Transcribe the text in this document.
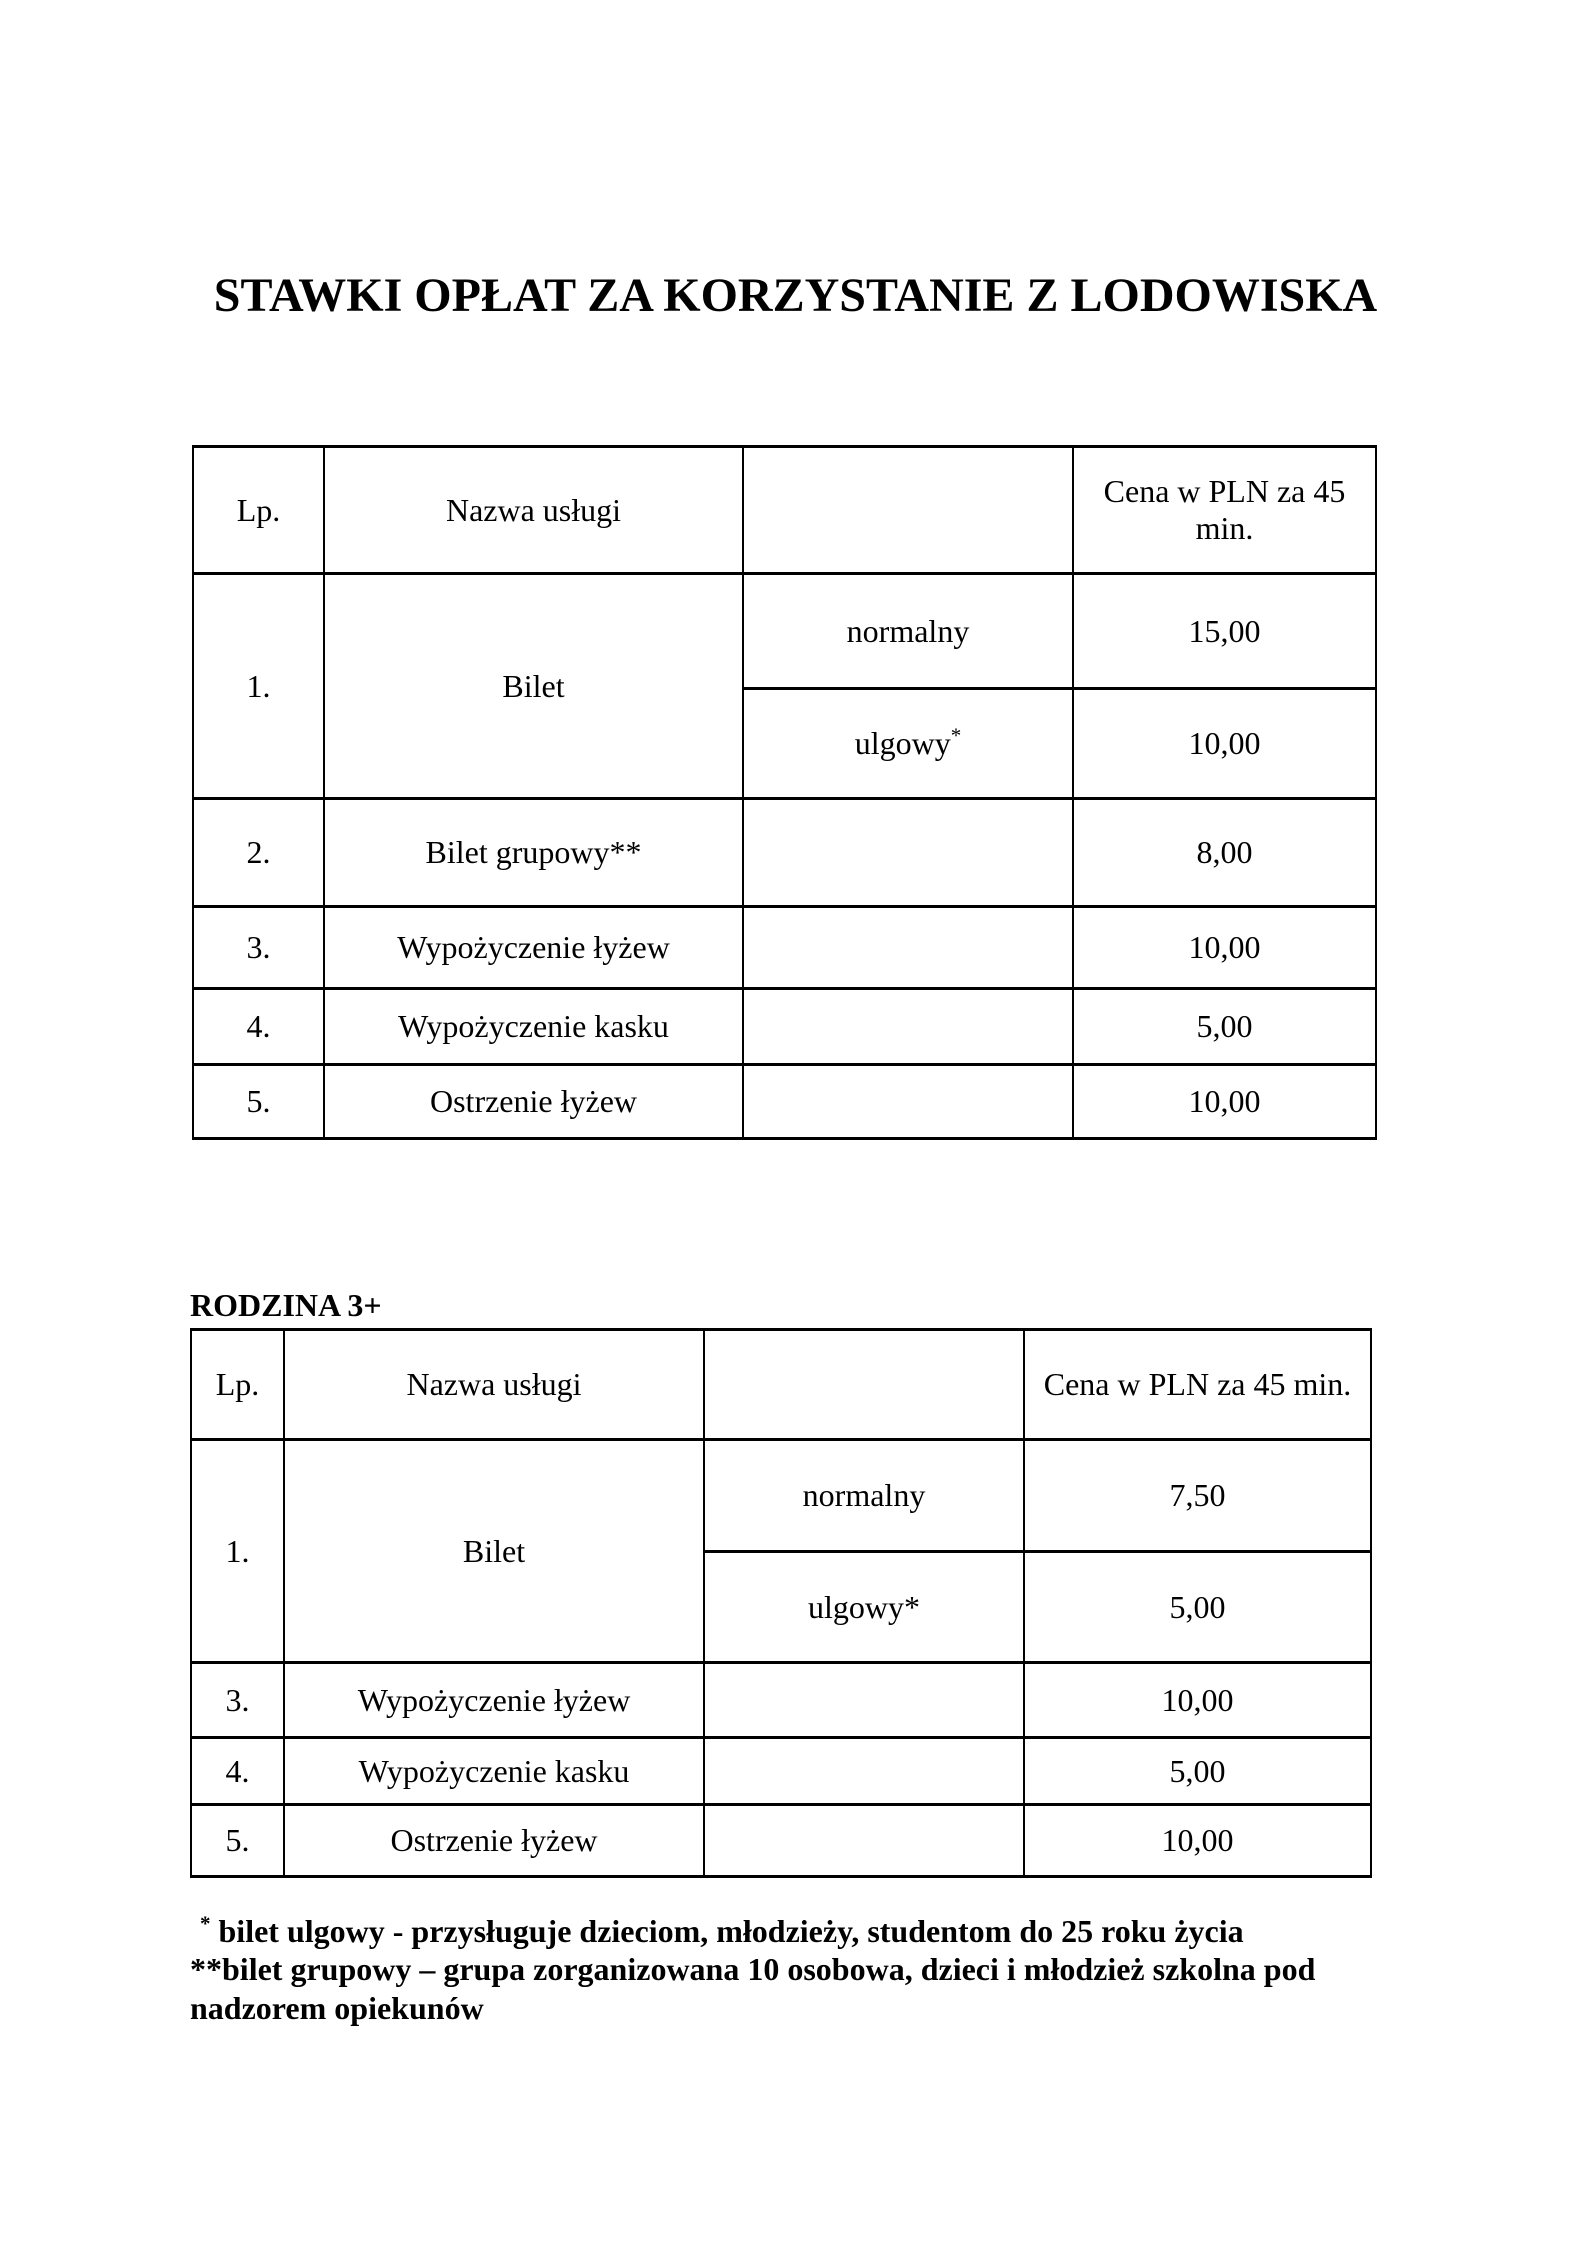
STAWKI OPŁAT ZA KORZYSTANIE Z LODOWISKA
Lp.	Nazwa usługi		Cena w PLN za 45 min.
1.	Bilet	normalny	15,00
		ulgowy*	10,00
2.	Bilet grupowy**		8,00
3.	Wypożyczenie łyżew		10,00
4.	Wypożyczenie kasku		5,00
5.	Ostrzenie łyżew		10,00
RODZINA 3+
Lp.	Nazwa usługi		Cena w PLN za 45 min.
1.	Bilet	normalny	7,50
		ulgowy*	5,00
3.	Wypożyczenie łyżew		10,00
4.	Wypożyczenie kasku		5,00
5.	Ostrzenie łyżew		10,00

* bilet ulgowy - przysługuje dzieciom, młodzieży, studentom do 25 roku życia

**bilet grupowy – grupa zorganizowana 10 osobowa, dzieci i młodzież szkolna pod nadzorem opiekunów
